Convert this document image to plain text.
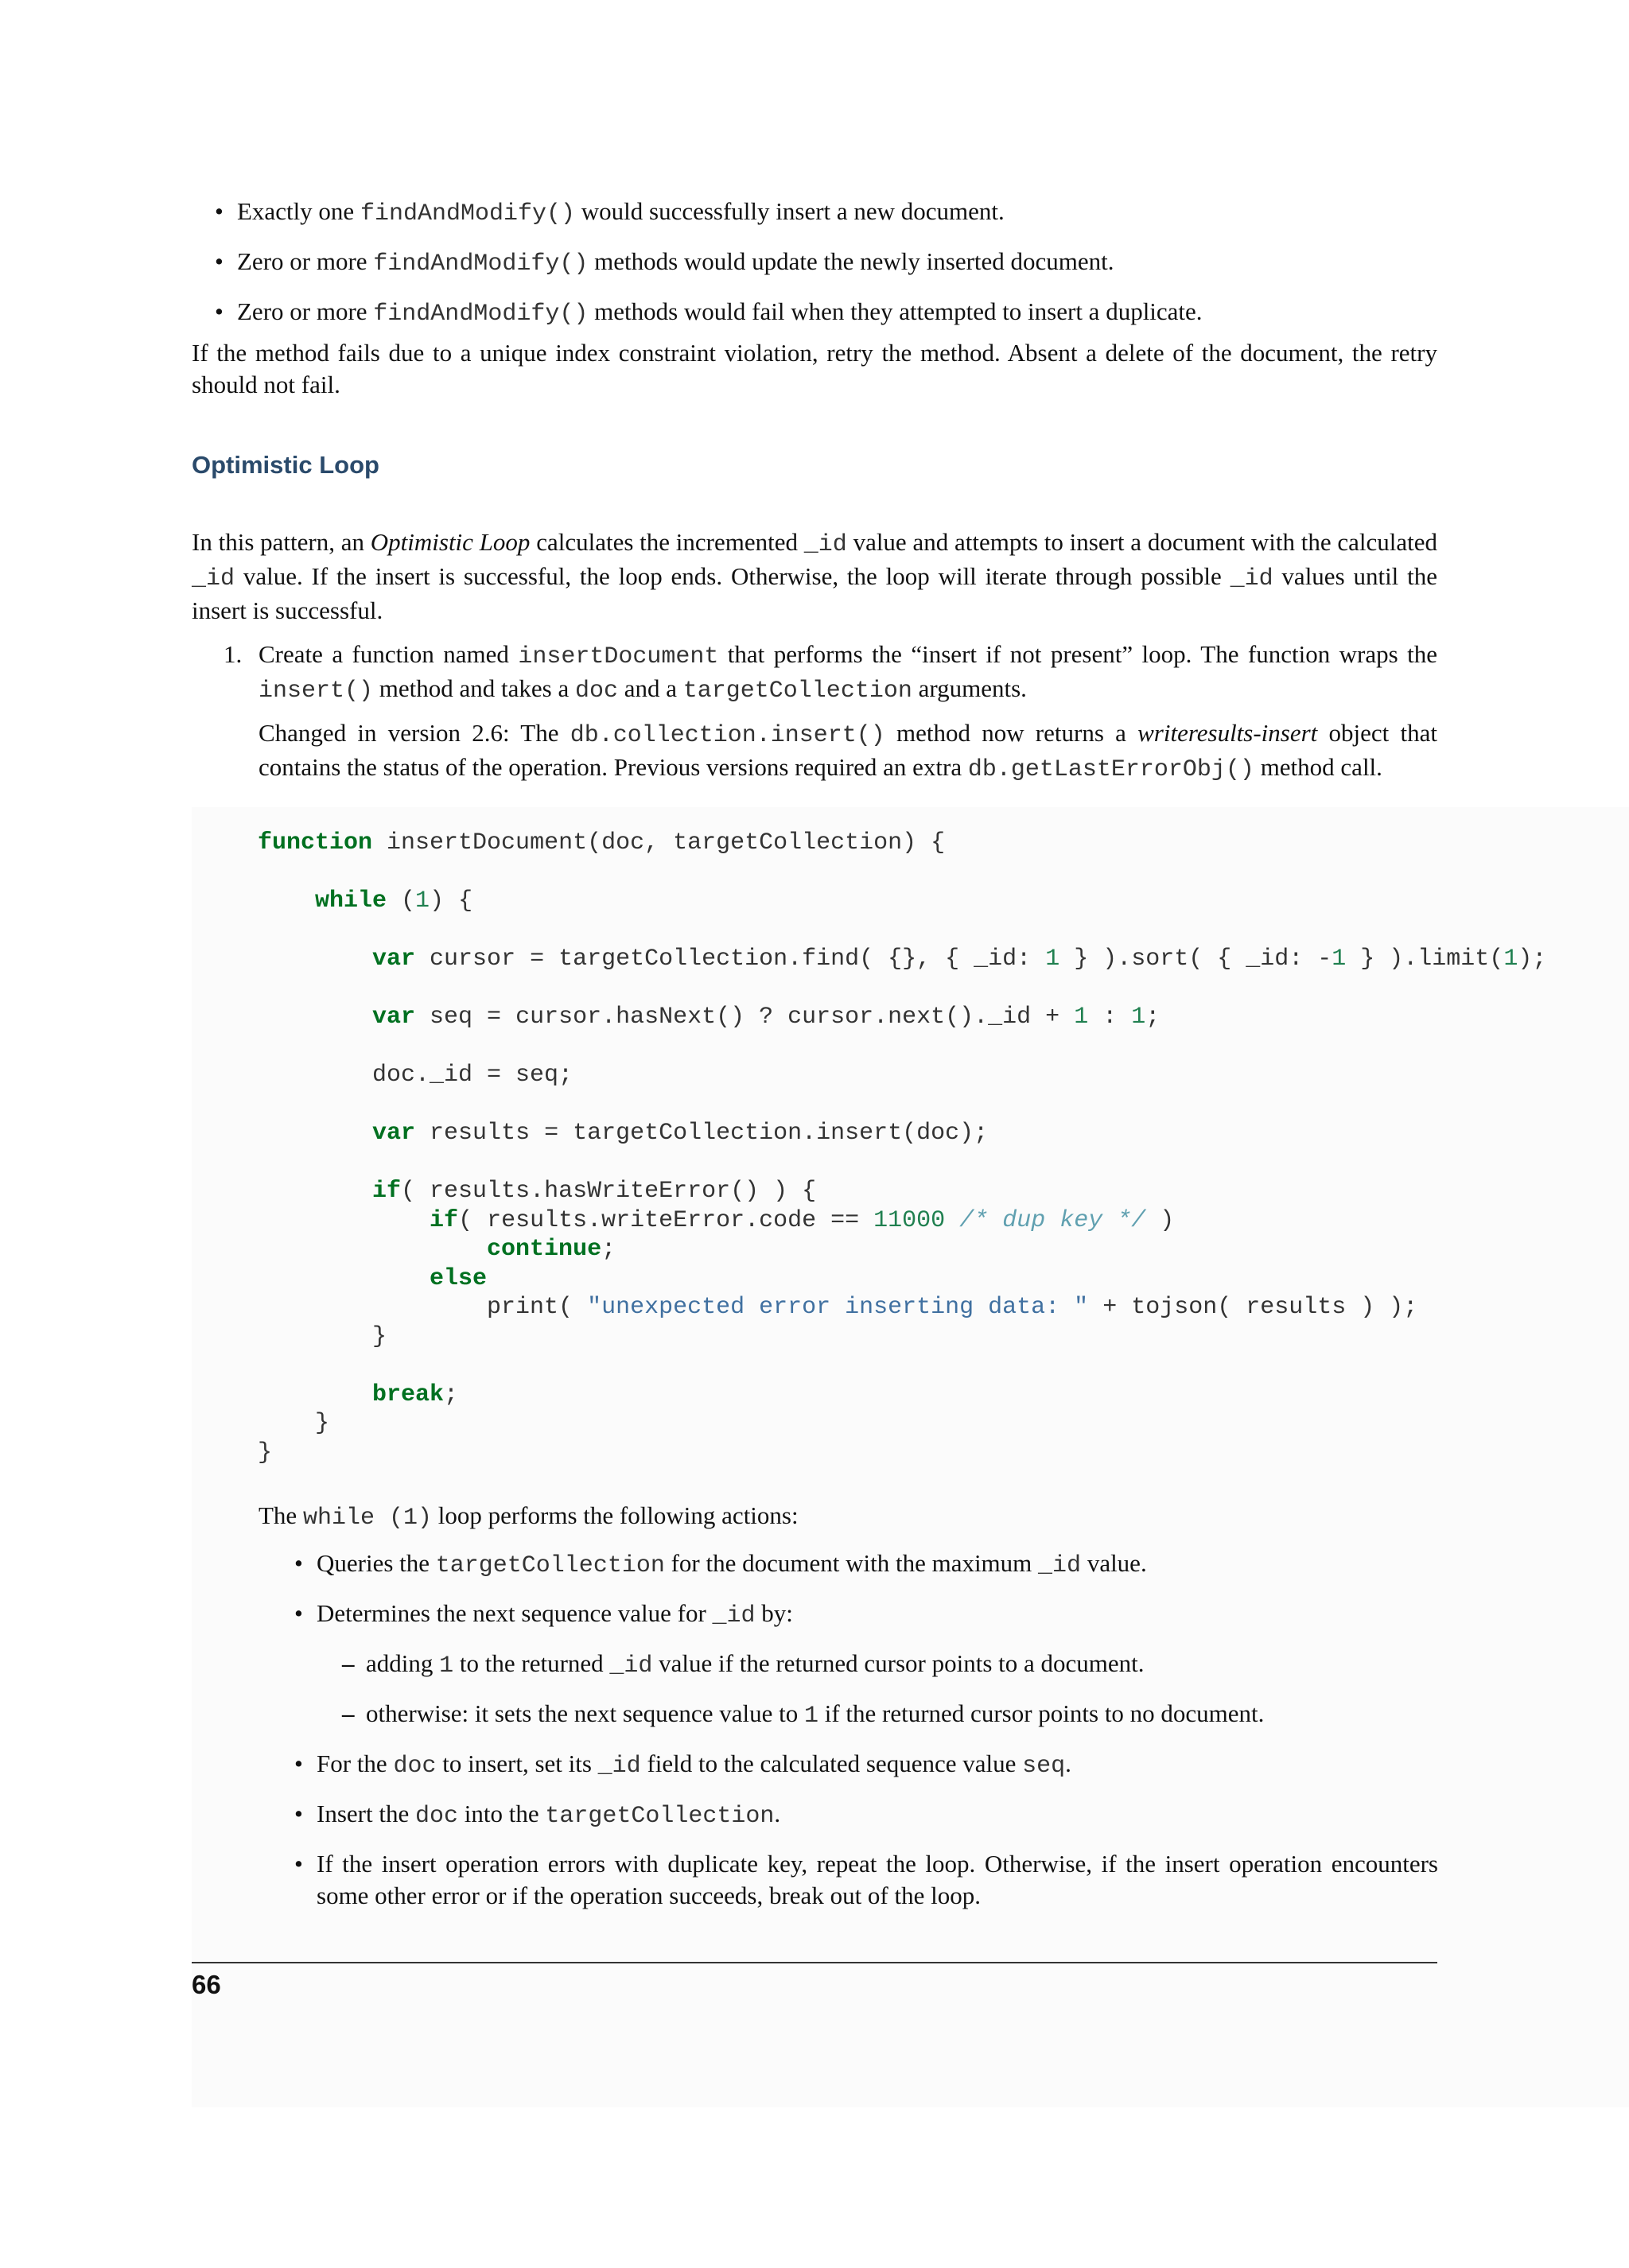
• Exactly one findAndModify() would successfully insert a new document.
• Zero or more findAndModify() methods would update the newly inserted document.
• Zero or more findAndModify() methods would fail when they attempted to insert a duplicate.

If the method fails due to a unique index constraint violation, retry the method. Absent a delete of the document, the retry should not fail.

Optimistic Loop

In this pattern, an Optimistic Loop calculates the incremented _id value and attempts to insert a document with the calculated _id value. If the insert is successful, the loop ends. Otherwise, the loop will iterate through possible _id values until the insert is successful.

1. Create a function named insertDocument that performs the “insert if not present” loop. The function wraps the insert() method and takes a doc and a targetCollection arguments.

Changed in version 2.6: The db.collection.insert() method now returns a writeresults-insert object that contains the status of the operation. Previous versions required an extra db.getLastErrorObj() method call.

function insertDocument(doc, targetCollection) {

while (1) {

var cursor = targetCollection.find( {}, { _id: 1 } ).sort( { _id: -1 } ).limit(1);

var seq = cursor.hasNext() ? cursor.next()._id + 1 : 1;

doc._id = seq;

var results = targetCollection.insert(doc);

if( results.hasWriteError() ) {
if( results.writeError.code == 11000 /* dup key */ )
continue;
else
print( "unexpected error inserting data: " + tojson( results ) );
}

break;
}
}

The while (1) loop performs the following actions:

• Queries the targetCollection for the document with the maximum _id value.
• Determines the next sequence value for _id by:
– adding 1 to the returned _id value if the returned cursor points to a document.
– otherwise: it sets the next sequence value to 1 if the returned cursor points to no document.
• For the doc to insert, set its _id field to the calculated sequence value seq.
• Insert the doc into the targetCollection.
• If the insert operation errors with duplicate key, repeat the loop. Otherwise, if the insert operation encounters some other error or if the operation succeeds, break out of the loop.
66
